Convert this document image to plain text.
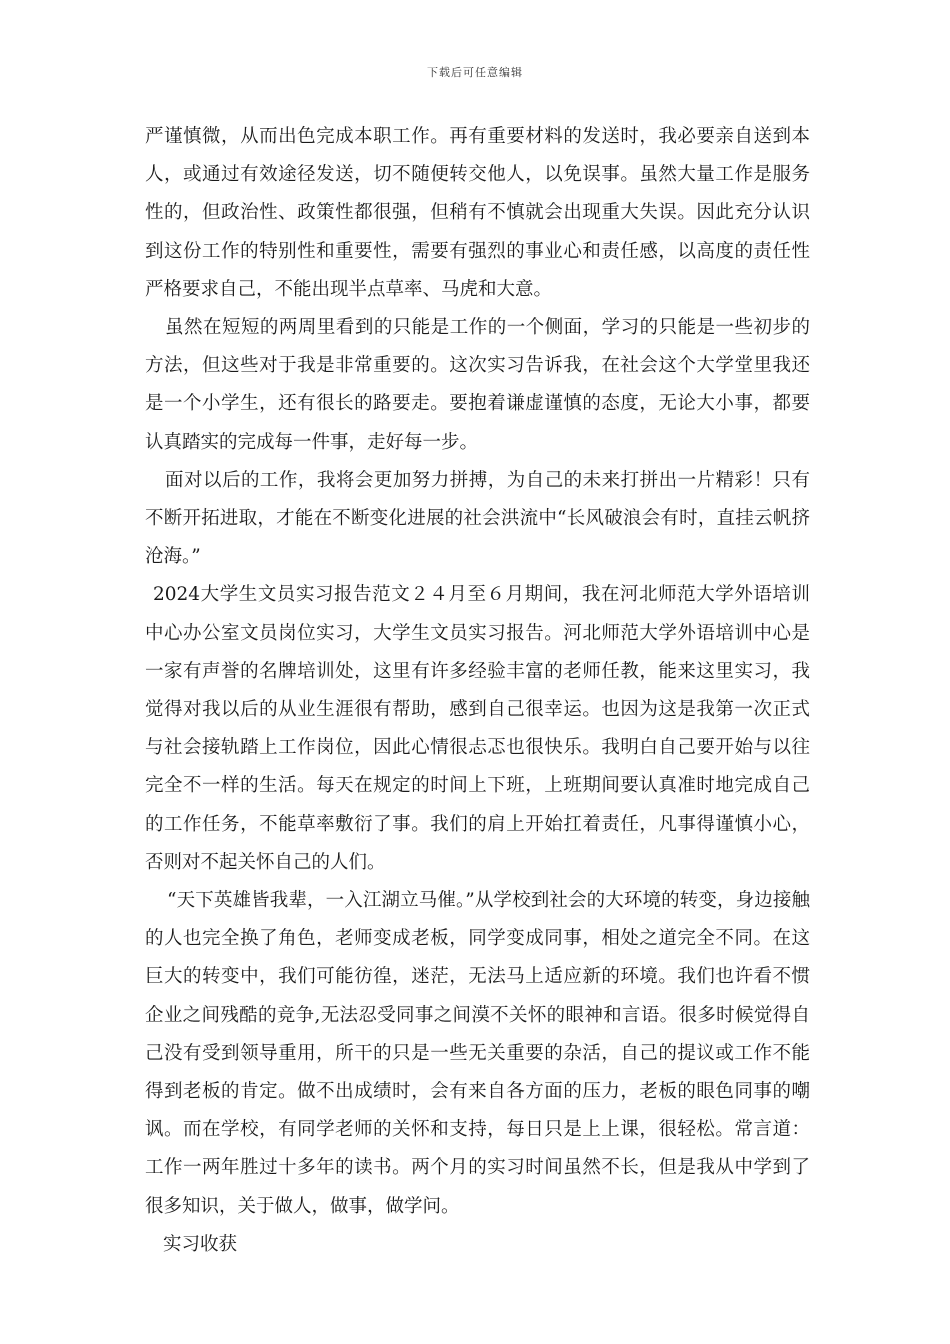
下载后可任意编辑

严谨慎微，从而出色完成本职工作。再有重要材料的发送时，我必要亲自送到本人，或通过有效途径发送，切不随便转交他人，以免误事。虽然大量工作是服务性的，但政治性、政策性都很强，但稍有不慎就会出现重大失误。因此充分认识到这份工作的特别性和重要性，需要有强烈的事业心和责任感，以高度的责任性严格要求自己，不能出现半点草率、马虎和大意。

虽然在短短的两周里看到的只能是工作的一个侧面，学习的只能是一些初步的方法，但这些对于我是非常重要的。这次实习告诉我，在社会这个大学堂里我还是一个小学生，还有很长的路要走。要抱着谦虚谨慎的态度，无论大小事，都要认真踏实的完成每一件事，走好每一步。

面对以后的工作，我将会更加努力拼搏，为自己的未来打拼出一片精彩！只有不断开拓进取，才能在不断变化进展的社会洪流中“长风破浪会有时，直挂云帆挤沧海。”

2024大学生文员实习报告范文２４月至６月期间，我在河北师范大学外语培训中心办公室文员岗位实习，大学生文员实习报告。河北师范大学外语培训中心是一家有声誉的名牌培训处，这里有许多经验丰富的老师任教，能来这里实习，我觉得对我以后的从业生涯很有帮助，感到自己很幸运。也因为这是我第一次正式与社会接轨踏上工作岗位，因此心情很忐忑也很快乐。我明白自己要开始与以往完全不一样的生活。每天在规定的时间上下班，上班期间要认真准时地完成自己的工作任务，不能草率敷衍了事。我们的肩上开始扛着责任，凡事得谨慎小心，否则对不起关怀自己的人们。

“天下英雄皆我辈，一入江湖立马催。”从学校到社会的大环境的转变，身边接触的人也完全换了角色，老师变成老板，同学变成同事，相处之道完全不同。在这巨大的转变中，我们可能彷徨，迷茫，无法马上适应新的环境。我们也许看不惯企业之间残酷的竞争,无法忍受同事之间漠不关怀的眼神和言语。很多时候觉得自己没有受到领导重用，所干的只是一些无关重要的杂活，自己的提议或工作不能得到老板的肯定。做不出成绩时，会有来自各方面的压力，老板的眼色同事的嘲讽。而在学校，有同学老师的关怀和支持，每日只是上上课，很轻松。常言道：工作一两年胜过十多年的读书。两个月的实习时间虽然不长，但是我从中学到了很多知识，关于做人，做事，做学问。

实习收获
